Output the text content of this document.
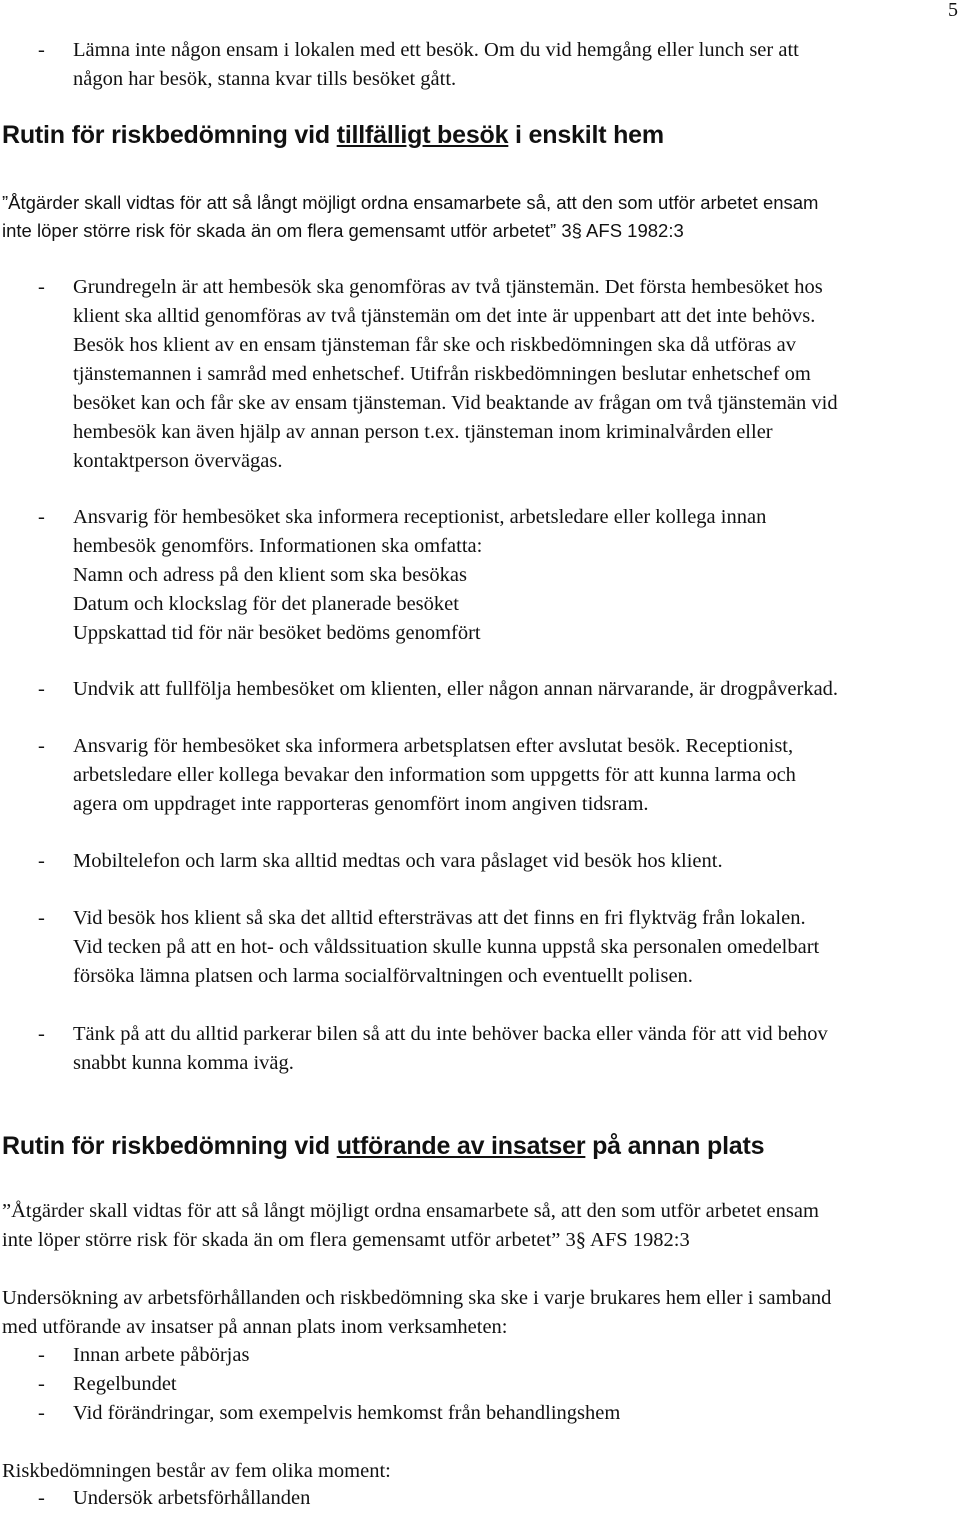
5
- Lämna inte någon ensam i lokalen med ett besök. Om du vid hemgång eller lunch ser att
någon har besök, stanna kvar tills besöket gått.
Rutin för riskbedömning vid tillfälligt besök i enskilt hem
”Åtgärder skall vidtas för att så långt möjligt ordna ensamarbete så, att den som utför arbetet ensam
inte löper större risk för skada än om flera gemensamt utför arbetet” 3§ AFS 1982:3
- Grundregeln är att hembesök ska genomföras av två tjänstemän. Det första hembesöket hos
klient ska alltid genomföras av två tjänstemän om det inte är uppenbart att det inte behövs.
Besök hos klient av en ensam tjänsteman får ske och riskbedömningen ska då utföras av
tjänstemannen i samråd med enhetschef. Utifrån riskbedömningen beslutar enhetschef om
besöket kan och får ske av ensam tjänsteman. Vid beaktande av frågan om två tjänstemän vid
hembesök kan även hjälp av annan person t.ex. tjänsteman inom kriminalvården eller
kontaktperson övervägas.
- Ansvarig för hembesöket ska informera receptionist, arbetsledare eller kollega innan
hembesök genomförs. Informationen ska omfatta:
Namn och adress på den klient som ska besökas
Datum och klockslag för det planerade besöket
Uppskattad tid för när besöket bedöms genomfört
- Undvik att fullfölja hembesöket om klienten, eller någon annan närvarande, är drogpåverkad.
- Ansvarig för hembesöket ska informera arbetsplatsen efter avslutat besök. Receptionist,
arbetsledare eller kollega bevakar den information som uppgetts för att kunna larma och
agera om uppdraget inte rapporteras genomfört inom angiven tidsram.
- Mobiltelefon och larm ska alltid medtas och vara påslaget vid besök hos klient.
- Vid besök hos klient så ska det alltid eftersträvas att det finns en fri flyktväg från lokalen.
Vid tecken på att en hot- och våldssituation skulle kunna uppstå ska personalen omedelbart
försöka lämna platsen och larma socialförvaltningen och eventuellt polisen.
- Tänk på att du alltid parkerar bilen så att du inte behöver backa eller vända för att vid behov
snabbt kunna komma iväg.
Rutin för riskbedömning vid utförande av insatser på annan plats
”Åtgärder skall vidtas för att så långt möjligt ordna ensamarbete så, att den som utför arbetet ensam
inte löper större risk för skada än om flera gemensamt utför arbetet” 3§ AFS 1982:3
Undersökning av arbetsförhållanden och riskbedömning ska ske i varje brukares hem eller i samband
med utförande av insatser på annan plats inom verksamheten:
- Innan arbete påbörjas
- Regelbundet
- Vid förändringar, som exempelvis hemkomst från behandlingshem
Riskbedömningen består av fem olika moment:
- Undersök arbetsförhållanden
